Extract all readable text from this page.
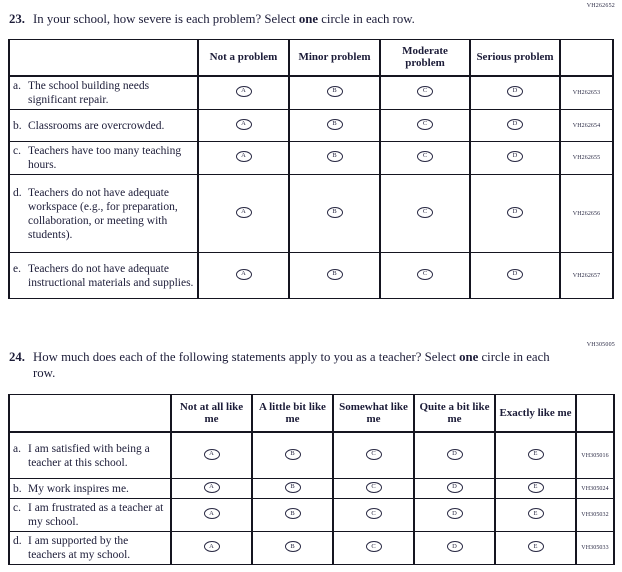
VH262652
23. In your school, how severe is each problem? Select one circle in each row.
	Not a problem	Minor problem	Moderate problem	Serious problem	

a. The school building needs significant repair.	A	B	C	D	VH262653

b. Classrooms are overcrowded.	A	B	C	D	VH262654

c. Teachers have too many teaching hours.	A	B	C	D	VH262655

d. Teachers do not have adequate workspace (e.g., for preparation, collaboration, or meeting with students).	A	B	C	D	VH262656

e. Teachers do not have adequate instructional materials and supplies.	A	B	C	D	VH262657
VH305005
24. How much does each of the following statements apply to you as a teacher? Select one circle in each row.
	Not at all like me	A little bit like me	Somewhat like me	Quite a bit like me	Exactly like me	

a. I am satisfied with being a teacher at this school.	A	B	C	D	E	VH305016

b. My work inspires me.	A	B	C	D	E	VH305024

c. I am frustrated as a teacher at my school.	A	B	C	D	E	VH305032

d. I am supported by the teachers at my school.	A	B	C	D	E	VH305033
